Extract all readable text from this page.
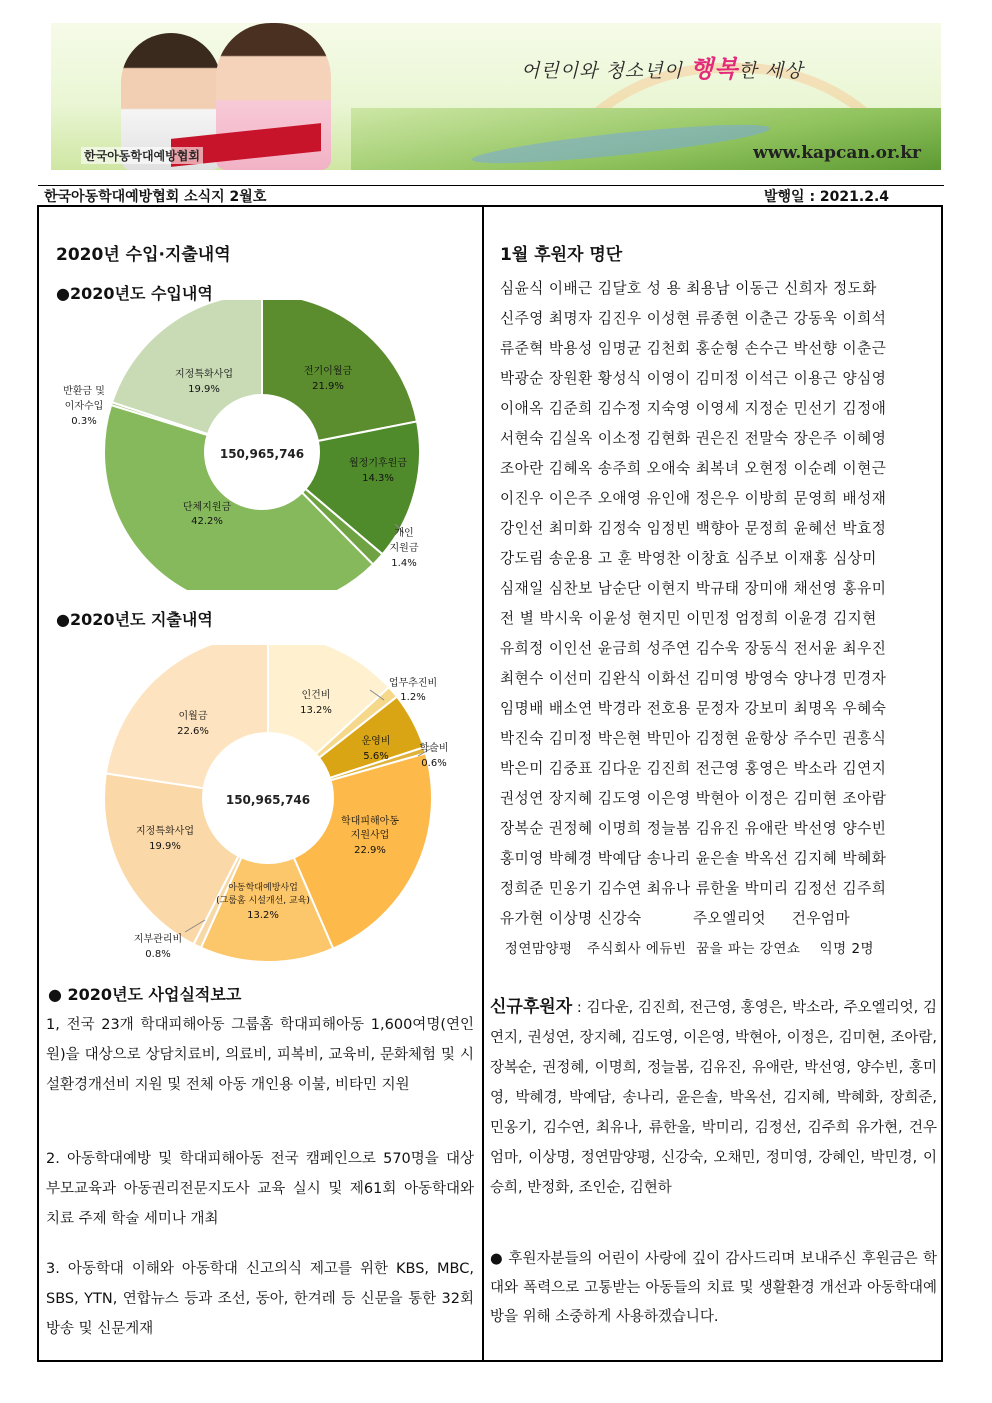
어린이와 청소년이 행복한 세상
한국아동학대예방협회	www.kapcan.or.kr
한국아동학대예방협회 소식지 2월호	발행일 : 2021.2.4
2020년 수입·지출내역
●2020년도 수입내역
150,965,746
전기이월금
21.9%
월정기후원금
14.3%
개인
지원금
1.4%
단체지원금
42.2%
반환금 및
이자수입
0.3%
지정특화사업
19.9%
●2020년도 지출내역
150,965,746
인건비
13.2%
업무추진비
1.2%
운영비
5.6%
학술비
0.6%
학대피해아동
지원사업
22.9%
아동학대예방사업
(그룹홈 시설개선, 교육)
13.2%
지부관리비
0.8%
지정특화사업
19.9%
이월금
22.6%
● 2020년도 사업실적보고
1, 전국 23개 학대피해아동 그룹홈 학대피해아동 1,600여명(연인원)을 대상으로 상담치료비, 의료비, 피복비, 교육비, 문화체험 및 시설환경개선비 지원 및 전체 아동 개인용 이불, 비타민 지원
2. 아동학대예방 및 학대피해아동 전국 캠페인으로 570명을 대상 부모교육과 아동권리전문지도사 교육 실시 및 제61회 아동학대와 치료 주제 학술 세미나 개최
3. 아동학대 이해와 아동학대 신고의식 제고를 위한 KBS, MBC, SBS, YTN, 연합뉴스 등과 조선, 동아, 한겨레 등 신문을 통한 32회 방송 및 신문게재
1월 후원자 명단
심윤식 이배근 김달호 성 용 최용남 이동근 신희자 정도화
신주영 최명자 김진우 이성현 류종현 이춘근 강동욱 이희석
류준혁 박용성 임명균 김천회 홍순형 손수근 박선향 이춘근
박광순 장원환 황성식 이영이 김미정 이석근 이용근 양심영
이애옥 김준희 김수정 지숙영 이영세 지정순 민선기 김정애
서현숙 김실옥 이소정 김현화 권은진 전말숙 장은주 이혜영
조아란 김혜옥 송주희 오애숙 최복녀 오현정 이순례 이현근
이진우 이은주 오애영 유인애 정은우 이방희 문영희 배성재
강인선 최미화 김정숙 임정빈 백향아 문정희 윤혜선 박효정
강도림 송운용 고 훈 박영찬 이창효 심주보 이재홍 심상미
심재일 심찬보 남순단 이현지 박규태 장미애 채선영 홍유미
전 별 박시욱 이윤성 현지민 이민정 엄정희 이윤경 김지현
유희정 이인선 윤금희 성주연 김수욱 장동식 전서윤 최우진
최현수 이선미 김완식 이화선 김미영 방영숙 양나경 민경자
임명배 배소연 박경라 전호용 문정자 강보미 최명옥 우혜숙
박진숙 김미정 박은현 박민아 김정현 윤항상 주수민 권흥식
박은미 김중표 김다운 김진희 전근영 홍영은 박소라 김연지
권성연 장지혜 김도영 이은영 박현아 이정은 김미현 조아람
장복순 권정혜 이명희 정늘봄 김유진 유애란 박선영 양수빈
홍미영 박혜경 박예담 송나리 윤은솔 박옥선 김지혜 박혜화
정희준 민옹기 김수연 최유나 류한울 박미리 김정선 김주희
유가현 이상명 신강숙          주오엘리엇     건우엄마
정연맘양평   주식회사 에듀빈  꿈을 파는 강연쇼    익명 2명
신규후원자 : 김다운, 김진희, 전근영, 홍영은, 박소라, 주오엘리엇, 김연지, 권성연, 장지혜, 김도영, 이은영, 박현아, 이정은, 김미현, 조아람, 장복순, 권정혜, 이명희, 정늘봄, 김유진, 유애란, 박선영, 양수빈, 홍미영, 박혜경, 박예담, 송나리, 윤은솔, 박옥선, 김지혜, 박혜화, 장희준, 민옹기, 김수연, 최유나, 류한울, 박미리, 김정선, 김주희 유가현, 건우엄마, 이상명, 정연맘양평, 신강숙, 오채민, 정미영, 강혜인, 박민경, 이승희, 반정화, 조인순, 김현하
● 후원자분들의 어린이 사랑에 깊이 감사드리며 보내주신 후원금은 학대와 폭력으로 고통받는 아동들의 치료 및 생활환경 개선과 아동학대예방을 위해 소중하게 사용하겠습니다.
